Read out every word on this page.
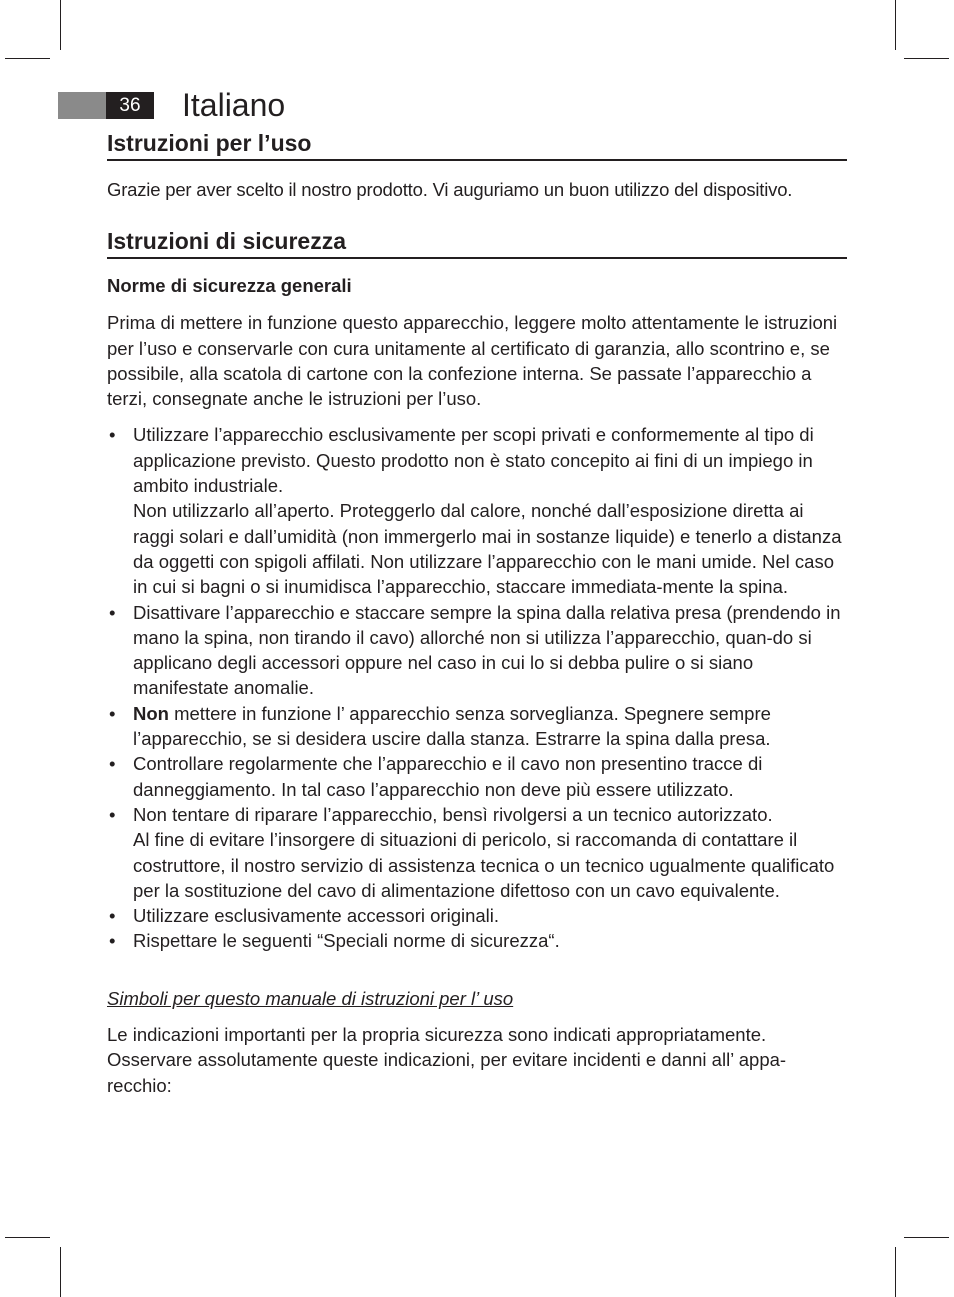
36	Italiano
Istruzioni per l’uso

Grazie per aver scelto il nostro prodotto. Vi auguriamo un buon utilizzo del dispositivo.

Istruzioni di sicurezza
Norme di sicurezza generali

Prima di mettere in funzione questo apparecchio, leggere molto attentamente le istruzioni per l’uso e conservarle con cura unitamente al certificato di garanzia, allo scontrino e, se possibile, alla scatola di cartone con la confezione interna. Se passate l’apparecchio a terzi, consegnate anche le istruzioni per l’uso.

• Utilizzare l’apparecchio esclusivamente per scopi privati e conformemente al tipo di applicazione previsto. Questo prodotto non è stato concepito ai fini di un impiego in ambito industriale.
Non utilizzarlo all’aperto. Proteggerlo dal calore, nonché dall’esposizione diretta ai raggi solari e dall’umidità (non immergerlo mai in sostanze liquide) e tenerlo a distanza da oggetti con spigoli affilati. Non utilizzare l’apparecchio con le mani umide. Nel caso in cui si bagni o si inumidisca l’apparecchio, staccare immediata-mente la spina.
• Disattivare l’apparecchio e staccare sempre la spina dalla relativa presa (prendendo in mano la spina, non tirando il cavo) allorché non si utilizza l’apparecchio, quan-do si applicano degli accessori oppure nel caso in cui lo si debba pulire o si siano manifestate anomalie.
• Non mettere in funzione l’ apparecchio senza sorveglianza. Spegnere sempre l’apparecchio, se si desidera uscire dalla stanza. Estrarre la spina dalla presa.
• Controllare regolarmente che l’apparecchio e il cavo non presentino tracce di danneggiamento. In tal caso l’apparecchio non deve più essere utilizzato.
• Non tentare di riparare l’apparecchio, bensì rivolgersi a un tecnico autorizzato.
Al fine di evitare l’insorgere di situazioni di pericolo, si raccomanda di contattare il costruttore, il nostro servizio di assistenza tecnica o un tecnico ugualmente qualificato per la sostituzione del cavo di alimentazione difettoso con un cavo equivalente.
• Utilizzare esclusivamente accessori originali.
• Rispettare le seguenti “Speciali norme di sicurezza“.

Simboli per questo manuale di istruzioni per l’ uso

Le indicazioni importanti per la propria sicurezza sono indicati appropriatamente.
Osservare assolutamente queste indicazioni, per evitare incidenti e danni all’ appa-recchio:
